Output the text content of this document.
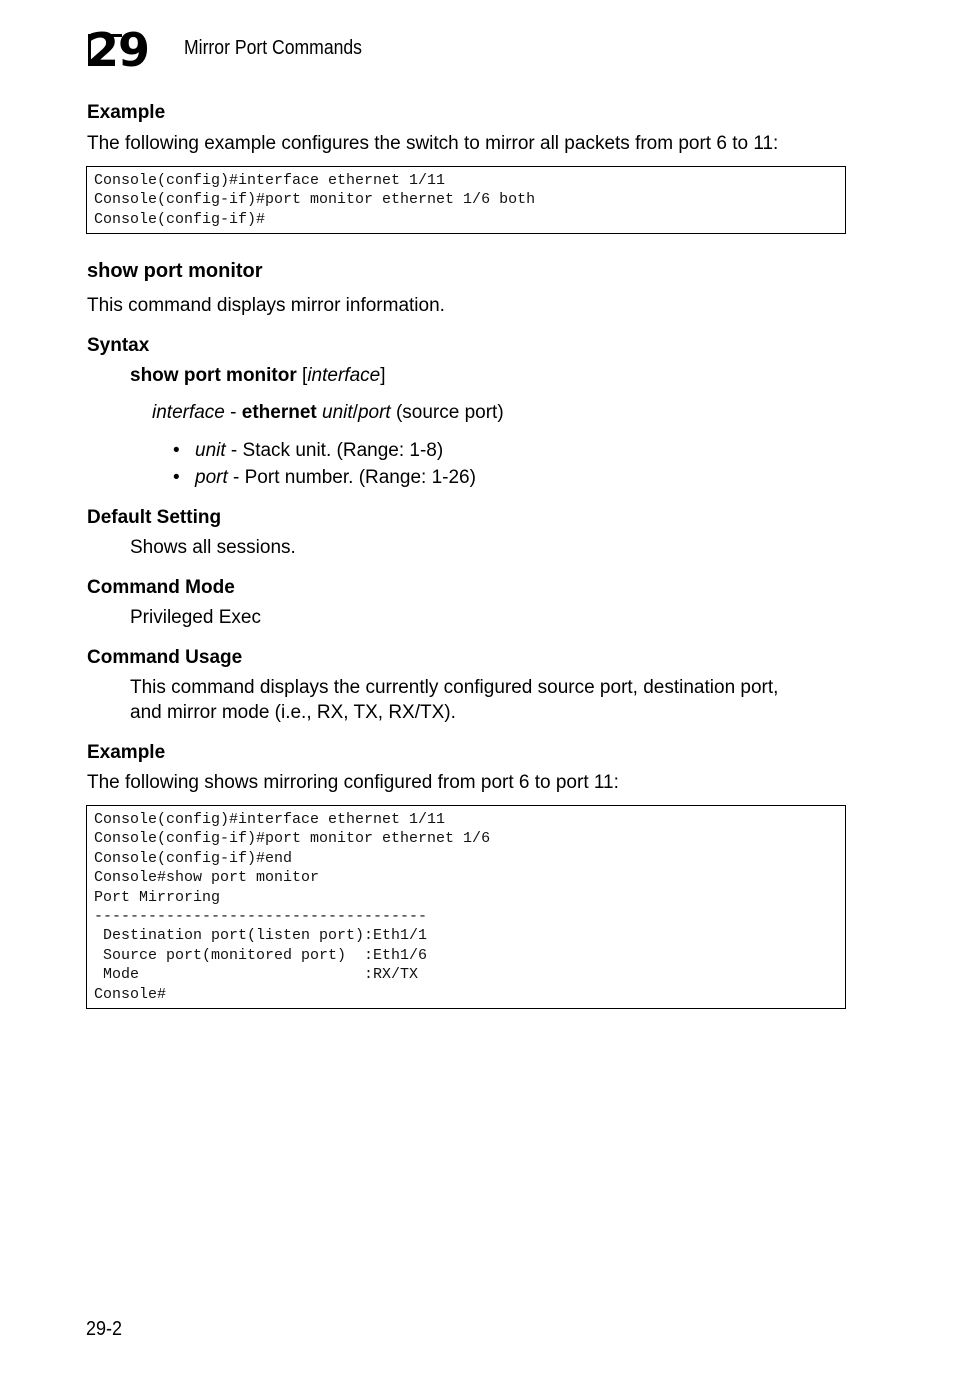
29	Mirror Port Commands
Example
The following example configures the switch to mirror all packets from port 6 to 11:
Console(config)#interface ethernet 1/11
Console(config-if)#port monitor ethernet 1/6 both
Console(config-if)#
show port monitor
This command displays mirror information.
Syntax
show port monitor [interface]
interface - ethernet unit/port (source port)
• unit - Stack unit. (Range: 1-8)
• port - Port number. (Range: 1-26)
Default Setting
Shows all sessions.
Command Mode
Privileged Exec
Command Usage
This command displays the currently configured source port, destination port,
and mirror mode (i.e., RX, TX, RX/TX).
Example
The following shows mirroring configured from port 6 to port 11:
Console(config)#interface ethernet 1/11
Console(config-if)#port monitor ethernet 1/6
Console(config-if)#end
Console#show port monitor
Port Mirroring
-------------------------------------
Destination port(listen port):Eth1/1
Source port(monitored port)  :Eth1/6
Mode                         :RX/TX
Console#
29-2
